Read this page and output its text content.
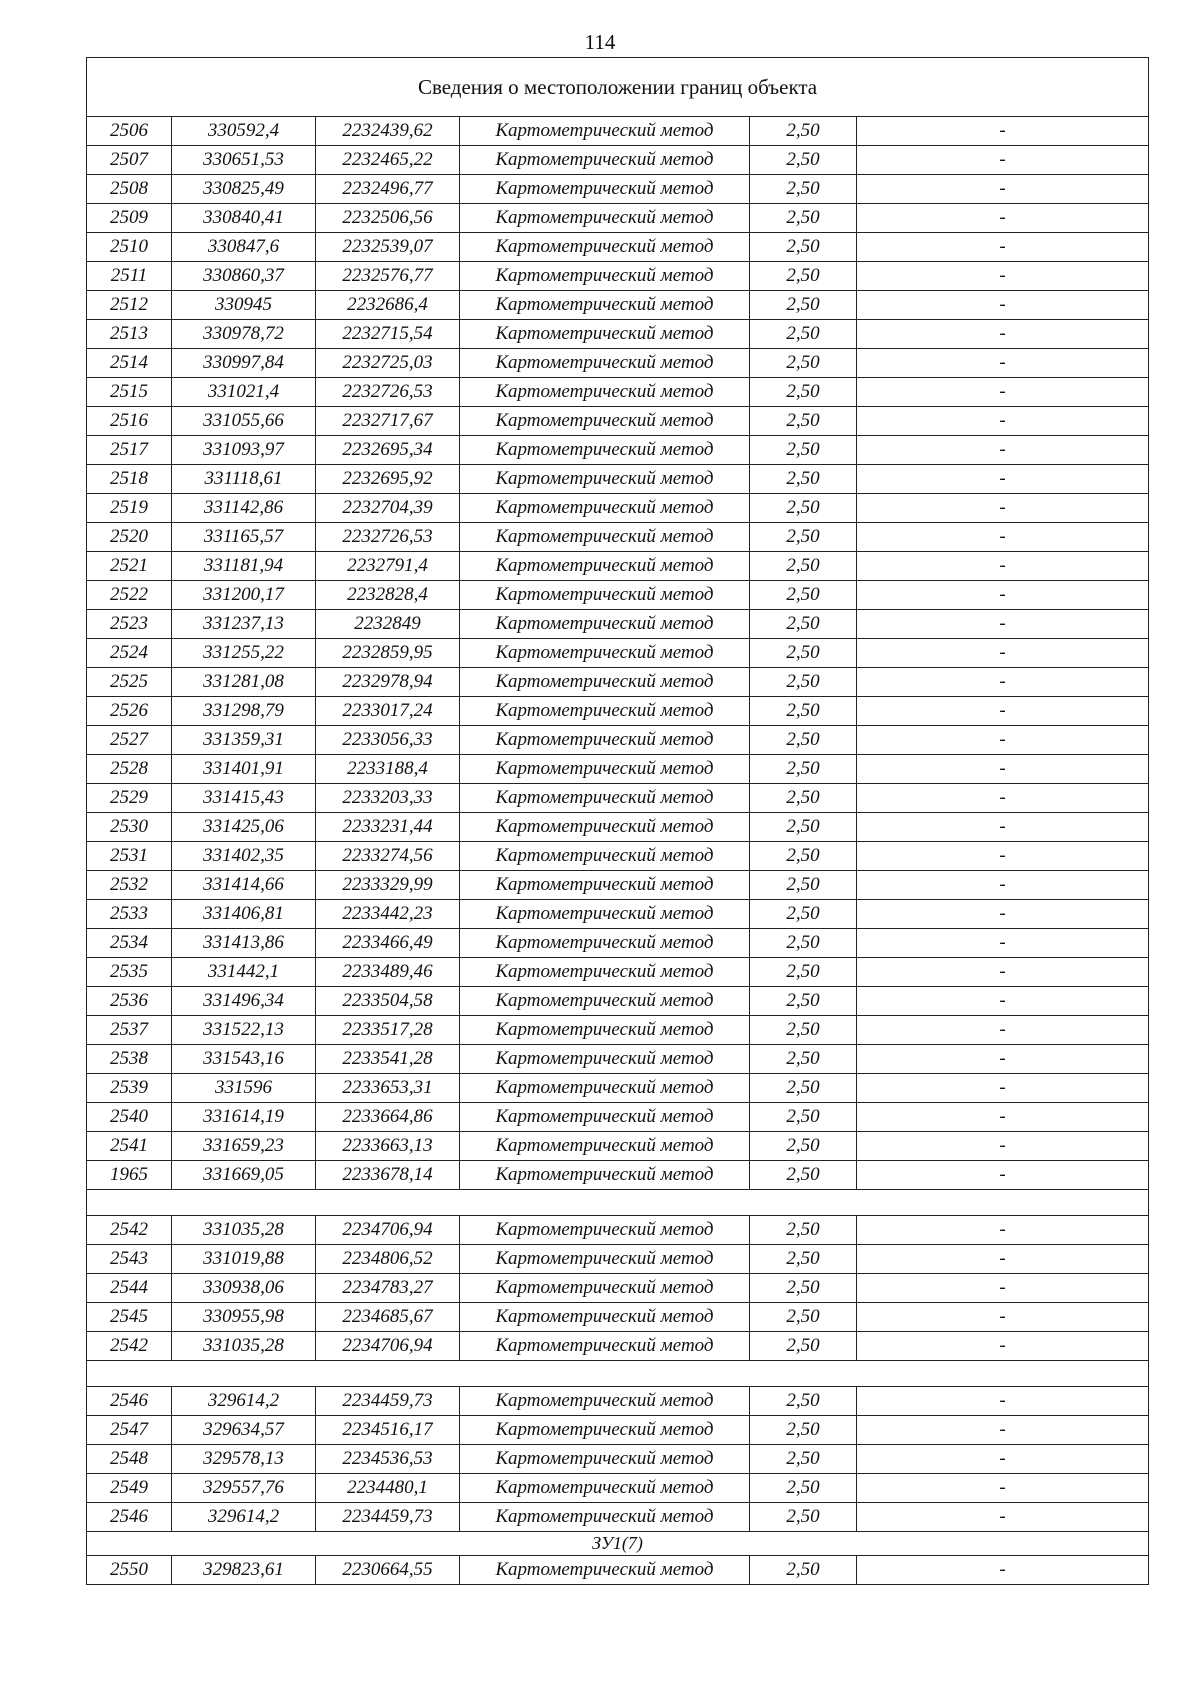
114
Сведения о местоположении границ объекта					
2506	330592,4	2232439,62	Картометрический метод	2,50	-
2507	330651,53	2232465,22	Картометрический метод	2,50	-
2508	330825,49	2232496,77	Картометрический метод	2,50	-
2509	330840,41	2232506,56	Картометрический метод	2,50	-
2510	330847,6	2232539,07	Картометрический метод	2,50	-
2511	330860,37	2232576,77	Картометрический метод	2,50	-
2512	330945	2232686,4	Картометрический метод	2,50	-
2513	330978,72	2232715,54	Картометрический метод	2,50	-
2514	330997,84	2232725,03	Картометрический метод	2,50	-
2515	331021,4	2232726,53	Картометрический метод	2,50	-
2516	331055,66	2232717,67	Картометрический метод	2,50	-
2517	331093,97	2232695,34	Картометрический метод	2,50	-
2518	331118,61	2232695,92	Картометрический метод	2,50	-
2519	331142,86	2232704,39	Картометрический метод	2,50	-
2520	331165,57	2232726,53	Картометрический метод	2,50	-
2521	331181,94	2232791,4	Картометрический метод	2,50	-
2522	331200,17	2232828,4	Картометрический метод	2,50	-
2523	331237,13	2232849	Картометрический метод	2,50	-
2524	331255,22	2232859,95	Картометрический метод	2,50	-
2525	331281,08	2232978,94	Картометрический метод	2,50	-
2526	331298,79	2233017,24	Картометрический метод	2,50	-
2527	331359,31	2233056,33	Картометрический метод	2,50	-
2528	331401,91	2233188,4	Картометрический метод	2,50	-
2529	331415,43	2233203,33	Картометрический метод	2,50	-
2530	331425,06	2233231,44	Картометрический метод	2,50	-
2531	331402,35	2233274,56	Картометрический метод	2,50	-
2532	331414,66	2233329,99	Картометрический метод	2,50	-
2533	331406,81	2233442,23	Картометрический метод	2,50	-
2534	331413,86	2233466,49	Картометрический метод	2,50	-
2535	331442,1	2233489,46	Картометрический метод	2,50	-
2536	331496,34	2233504,58	Картометрический метод	2,50	-
2537	331522,13	2233517,28	Картометрический метод	2,50	-
2538	331543,16	2233541,28	Картометрический метод	2,50	-
2539	331596	2233653,31	Картометрический метод	2,50	-
2540	331614,19	2233664,86	Картометрический метод	2,50	-
2541	331659,23	2233663,13	Картометрический метод	2,50	-
1965	331669,05	2233678,14	Картометрический метод	2,50	-

2542	331035,28	2234706,94	Картометрический метод	2,50	-
2543	331019,88	2234806,52	Картометрический метод	2,50	-
2544	330938,06	2234783,27	Картометрический метод	2,50	-
2545	330955,98	2234685,67	Картометрический метод	2,50	-
2542	331035,28	2234706,94	Картометрический метод	2,50	-

2546	329614,2	2234459,73	Картометрический метод	2,50	-
2547	329634,57	2234516,17	Картометрический метод	2,50	-
2548	329578,13	2234536,53	Картометрический метод	2,50	-
2549	329557,76	2234480,1	Картометрический метод	2,50	-
2546	329614,2	2234459,73	Картометрический метод	2,50	-
ЗУ1(7)					
2550	329823,61	2230664,55	Картометрический метод	2,50	-
